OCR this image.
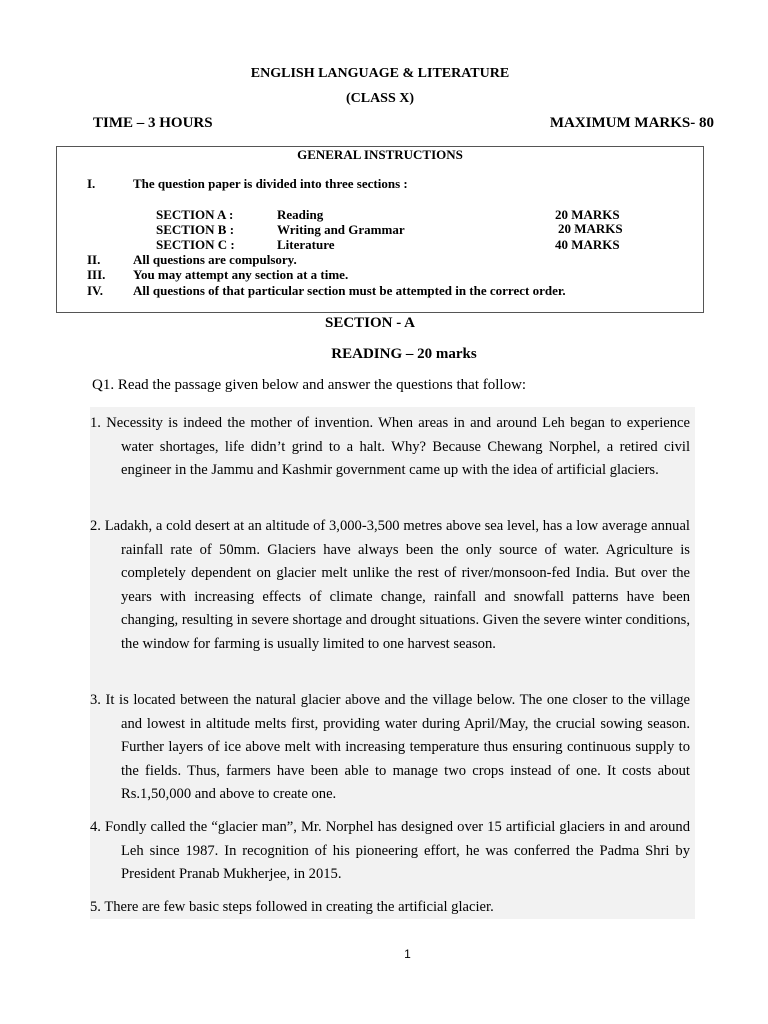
ENGLISH LANGUAGE & LITERATURE
(CLASS X)
TIME – 3 HOURS	MAXIMUM MARKS- 80
GENERAL INSTRUCTIONS
I.	The question paper is divided into three sections :
SECTION A :	Reading	20 MARKS
SECTION B :	Writing and Grammar	20 MARKS
SECTION C :	Literature	40 MARKS
II.	All questions are compulsory.
III. You may attempt any section at a time.
IV. All questions of that particular section must be attempted in the correct order.
SECTION - A
READING – 20 marks
Q1. Read the passage given below and answer the questions that follow:

1. Necessity is indeed the mother of invention. When areas in and around Leh began to experience water shortages, life didn’t grind to a halt. Why? Because Chewang Norphel, a retired civil engineer in the Jammu and Kashmir government came up with the idea of artificial glaciers.

2. Ladakh, a cold desert at an altitude of 3,000-3,500 metres above sea level, has a low average annual rainfall rate of 50mm. Glaciers have always been the only source of water. Agriculture is completely dependent on glacier melt unlike the rest of river/monsoon-fed India. But over the years with increasing effects of climate change, rainfall and snowfall patterns have been changing, resulting in severe shortage and drought situations. Given the severe winter conditions, the window for farming is usually limited to one harvest season.

3. It is located between the natural glacier above and the village below. The one closer to the village and lowest in altitude melts first, providing water during April/May, the crucial sowing season. Further layers of ice above melt with increasing temperature thus ensuring continuous supply to the fields. Thus, farmers have been able to manage two crops instead of one. It costs about Rs.1,50,000 and above to create one.

4. Fondly called the “glacier man”, Mr. Norphel has designed over 15 artificial glaciers in and around Leh since 1987. In recognition of his pioneering effort, he was conferred the Padma Shri by President Pranab Mukherjee, in 2015.

5. There are few basic steps followed in creating the artificial glacier.

1
